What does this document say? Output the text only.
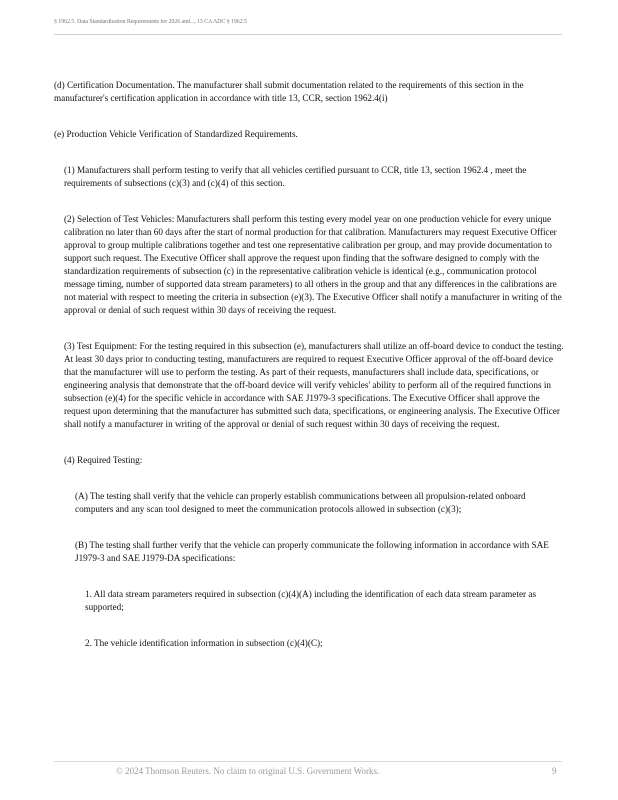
§ 1962.5. Data Standardization Requirements for 2026 and..., 13 CA ADC § 1962.5

(d) Certification Documentation. The manufacturer shall submit documentation related to the requirements of this section in the manufacturer's certification application in accordance with title 13, CCR, section 1962.4(i)

(e) Production Vehicle Verification of Standardized Requirements.

(1) Manufacturers shall perform testing to verify that all vehicles certified pursuant to CCR, title 13, section 1962.4 , meet the requirements of subsections (c)(3) and (c)(4) of this section.

(2) Selection of Test Vehicles: Manufacturers shall perform this testing every model year on one production vehicle for every unique calibration no later than 60 days after the start of normal production for that calibration. Manufacturers may request Executive Officer approval to group multiple calibrations together and test one representative calibration per group, and may provide documentation to support such request. The Executive Officer shall approve the request upon finding that the software designed to comply with the standardization requirements of subsection (c) in the representative calibration vehicle is identical (e.g., communication protocol message timing, number of supported data stream parameters) to all others in the group and that any differences in the calibrations are not material with respect to meeting the criteria in subsection (e)(3). The Executive Officer shall notify a manufacturer in writing of the approval or denial of such request within 30 days of receiving the request.

(3) Test Equipment: For the testing required in this subsection (e), manufacturers shall utilize an off-board device to conduct the testing. At least 30 days prior to conducting testing, manufacturers are required to request Executive Officer approval of the off-board device that the manufacturer will use to perform the testing. As part of their requests, manufacturers shall include data, specifications, or engineering analysis that demonstrate that the off-board device will verify vehicles' ability to perform all of the required functions in subsection (e)(4) for the specific vehicle in accordance with SAE J1979-3 specifications. The Executive Officer shall approve the request upon determining that the manufacturer has submitted such data, specifications, or engineering analysis. The Executive Officer shall notify a manufacturer in writing of the approval or denial of such request within 30 days of receiving the request.

(4) Required Testing:

(A) The testing shall verify that the vehicle can properly establish communications between all propulsion-related onboard computers and any scan tool designed to meet the communication protocols allowed in subsection (c)(3);

(B) The testing shall further verify that the vehicle can properly communicate the following information in accordance with SAE J1979-3 and SAE J1979-DA specifications:

1. All data stream parameters required in subsection (c)(4)(A) including the identification of each data stream parameter as supported;

2. The vehicle identification information in subsection (c)(4)(C);

© 2024 Thomson Reuters. No claim to original U.S. Government Works.	9
